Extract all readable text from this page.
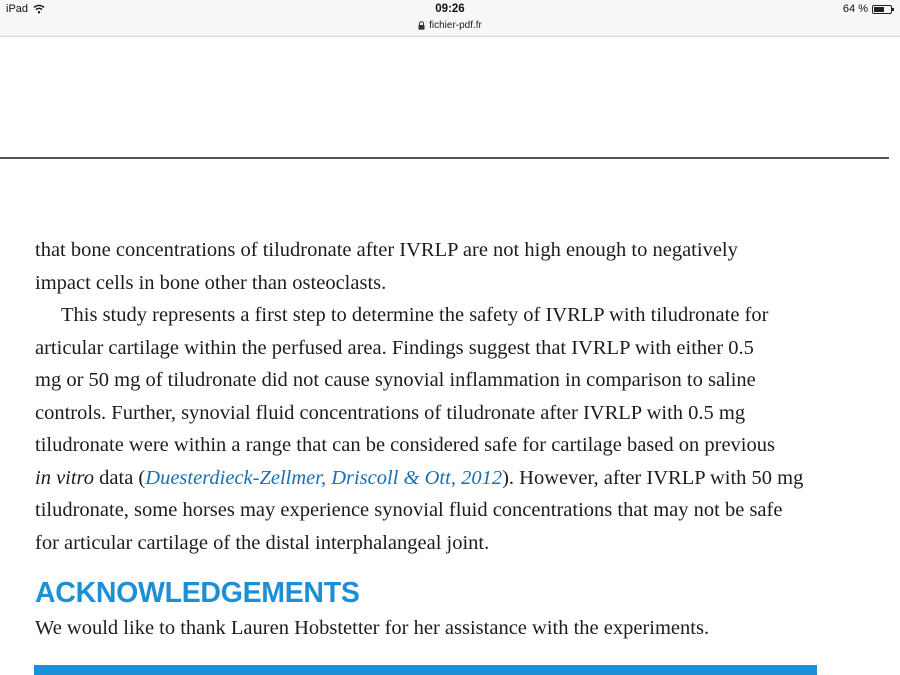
iPad	09:26	64 %
fichier-pdf.fr
that bone concentrations of tiludronate after IVRLP are not high enough to negatively
impact cells in bone other than osteoclasts.
This study represents a first step to determine the safety of IVRLP with tiludronate for
articular cartilage within the perfused area. Findings suggest that IVRLP with either 0.5
mg or 50 mg of tiludronate did not cause synovial inflammation in comparison to saline
controls. Further, synovial fluid concentrations of tiludronate after IVRLP with 0.5 mg
tiludronate were within a range that can be considered safe for cartilage based on previous
in vitro data (Duesterdieck-Zellmer, Driscoll & Ott, 2012). However, after IVRLP with 50 mg
tiludronate, some horses may experience synovial fluid concentrations that may not be safe
for articular cartilage of the distal interphalangeal joint.
ACKNOWLEDGEMENTS
We would like to thank Lauren Hobstetter for her assistance with the experiments.
